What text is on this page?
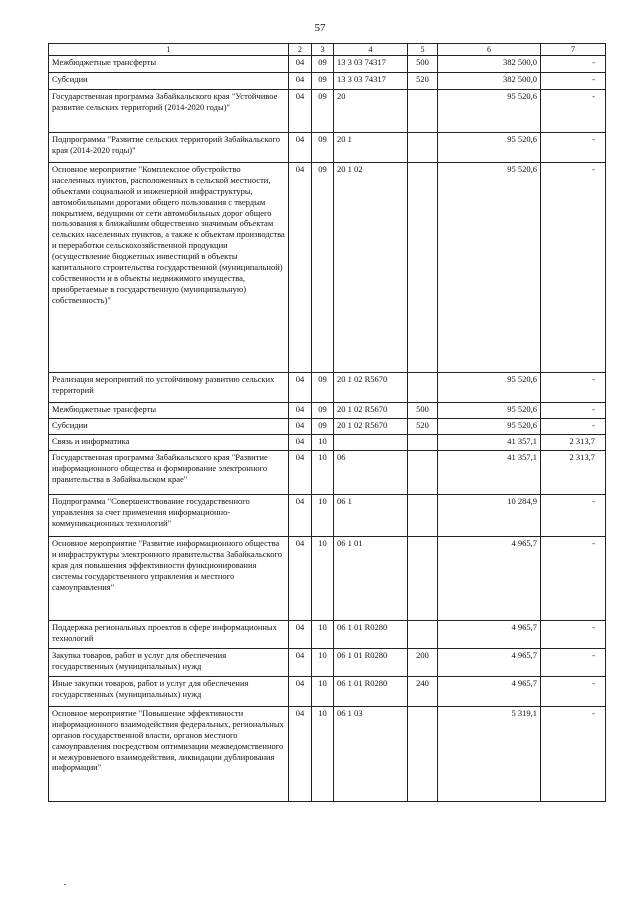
57
1	2	3	4	5	6	7
Межбюджетные трансферты	04	09	13 3 03 74317	500	382 500,0	-
Субсидии	04	09	13 3 03 74317	520	382 500,0	-
Государственная программа Забайкальского края "Устойчивое развитие сельских территорий (2014-2020 годы)"	04	09	20		95 520,6	-
Подпрограмма "Развитие сельских территорий Забайкальского края (2014-2020 годы)"	04	09	20 1		95 520,6	-
Основное мероприятие "Комплексное обустройство населенных пунктов, расположенных в сельской местности, объектами социальной и инженерной инфраструктуры, автомобильными дорогами общего пользования с твердым покрытием, ведущими от сети автомобильных дорог общего пользования к ближайшим общественно значимым объектам сельских населенных пунктов, а также к объектам производства и переработки сельскохозяйственной продукции (осуществление бюджетных инвестиций в объекты капитального строительства государственной (муниципальной) собственности и в объекты недвижимого имущества, приобретаемые в государственную (муниципальную) собственность)"	04	09	20 1 02		95 520,6	-
Реализация мероприятий по устойчивому развитию сельских территорий	04	09	20 1 02 R5670		95 520,6	-
Межбюджетные трансферты	04	09	20 1 02 R5670	500	95 520,6	-
Субсидии	04	09	20 1 02 R5670	520	95 520,6	-
Связь и информатика	04	10			41 357,1	2 313,7
Государственная программа Забайкальского края "Развитие информационного общества и формирование электронного правительства в Забайкальском крае"	04	10	06		41 357,1	2 313,7
Подпрограмма "Совершенствование государственного управления за счет применения информационно-коммуникационных технологий"	04	10	06 1		10 284,9	-
Основное мероприятие "Развитие информационного общества и инфраструктуры электронного правительства Забайкальского края для повышения эффективности функционирования системы государственного управления и местного самоуправления"	04	10	06 1 01		4 965,7	-
Поддержка региональных проектов в сфере информационных технологий	04	10	06 1 01 R0280		4 965,7	-
Закупка товаров, работ и услуг для обеспечения государственных (муниципальных) нужд	04	10	06 1 01 R0280	200	4 965,7	-
Иные закупки товаров, работ и услуг для обеспечения государственных (муниципальных) нужд	04	10	06 1 01 R0280	240	4 965,7	-
Основное мероприятие "Повышение эффективности информационного взаимодействия федеральных, региональных органов государственной власти, органов местного самоуправления посредством оптимизации межведомственного и межуровневого взаимодействия, ликвидации дублирования информации"	04	10	06 1 03		5 319,1	-
